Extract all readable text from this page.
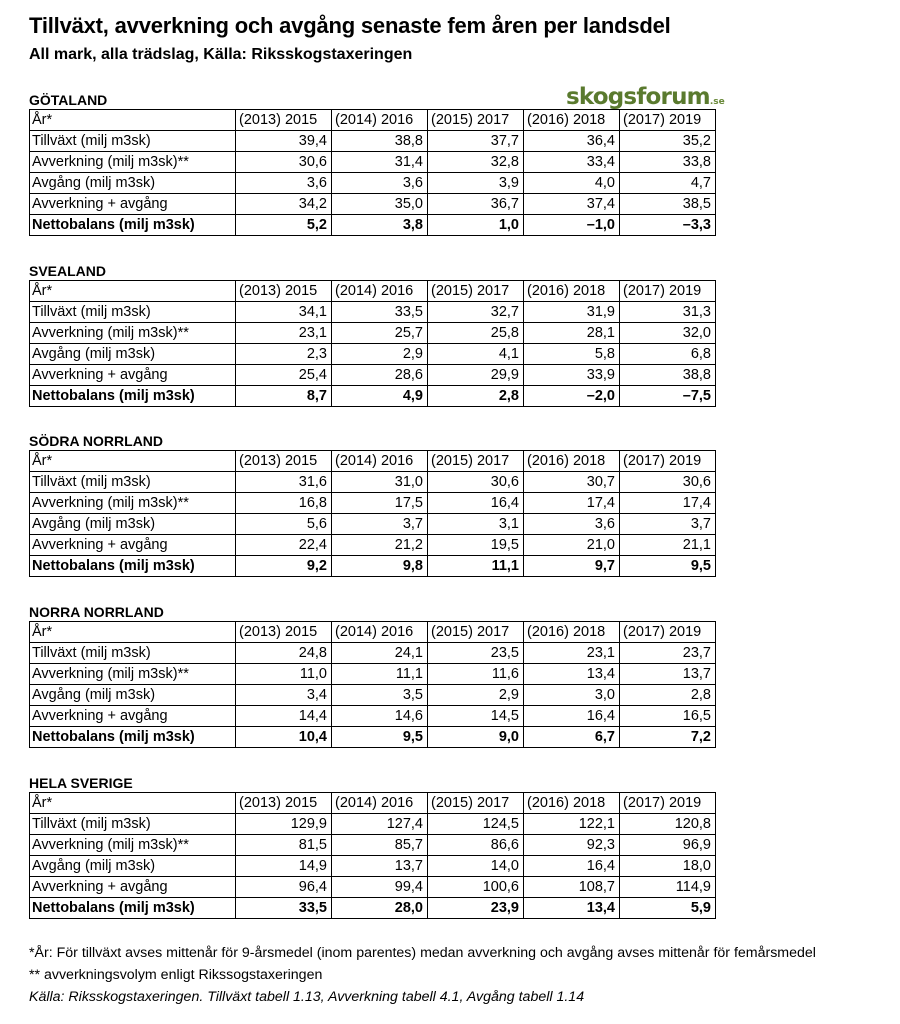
Tillväxt, avverkning och avgång senaste fem åren per landsdel
All mark, alla trädslag, Källa: Riksskogstaxeringen
skogsforum.se
GÖTALAND
År*	(2013) 2015	(2014) 2016	(2015) 2017	(2016) 2018	(2017) 2019
Tillväxt (milj m3sk)	39,4	38,8	37,7	36,4	35,2
Avverkning (milj m3sk)**	30,6	31,4	32,8	33,4	33,8
Avgång (milj m3sk)	3,6	3,6	3,9	4,0	4,7
Avverkning + avgång	34,2	35,0	36,7	37,4	38,5
Nettobalans (milj m3sk)	5,2	3,8	1,0	–1,0	–3,3
SVEALAND
År*	(2013) 2015	(2014) 2016	(2015) 2017	(2016) 2018	(2017) 2019
Tillväxt (milj m3sk)	34,1	33,5	32,7	31,9	31,3
Avverkning (milj m3sk)**	23,1	25,7	25,8	28,1	32,0
Avgång (milj m3sk)	2,3	2,9	4,1	5,8	6,8
Avverkning + avgång	25,4	28,6	29,9	33,9	38,8
Nettobalans (milj m3sk)	8,7	4,9	2,8	–2,0	–7,5
SÖDRA NORRLAND
År*	(2013) 2015	(2014) 2016	(2015) 2017	(2016) 2018	(2017) 2019
Tillväxt (milj m3sk)	31,6	31,0	30,6	30,7	30,6
Avverkning (milj m3sk)**	16,8	17,5	16,4	17,4	17,4
Avgång (milj m3sk)	5,6	3,7	3,1	3,6	3,7
Avverkning + avgång	22,4	21,2	19,5	21,0	21,1
Nettobalans (milj m3sk)	9,2	9,8	11,1	9,7	9,5
NORRA NORRLAND
År*	(2013) 2015	(2014) 2016	(2015) 2017	(2016) 2018	(2017) 2019
Tillväxt (milj m3sk)	24,8	24,1	23,5	23,1	23,7
Avverkning (milj m3sk)**	11,0	11,1	11,6	13,4	13,7
Avgång (milj m3sk)	3,4	3,5	2,9	3,0	2,8
Avverkning + avgång	14,4	14,6	14,5	16,4	16,5
Nettobalans (milj m3sk)	10,4	9,5	9,0	6,7	7,2
HELA SVERIGE
År*	(2013) 2015	(2014) 2016	(2015) 2017	(2016) 2018	(2017) 2019
Tillväxt (milj m3sk)	129,9	127,4	124,5	122,1	120,8
Avverkning (milj m3sk)**	81,5	85,7	86,6	92,3	96,9
Avgång (milj m3sk)	14,9	13,7	14,0	16,4	18,0
Avverkning + avgång	96,4	99,4	100,6	108,7	114,9
Nettobalans (milj m3sk)	33,5	28,0	23,9	13,4	5,9
*År: För tillväxt avses mittenår för 9-årsmedel (inom parentes) medan avverkning och avgång avses mittenår för femårsmedel
** avverkningsvolym enligt Rikssogstaxeringen
Källa: Riksskogstaxeringen. Tillväxt tabell 1.13, Avverkning tabell 4.1, Avgång tabell 1.14
